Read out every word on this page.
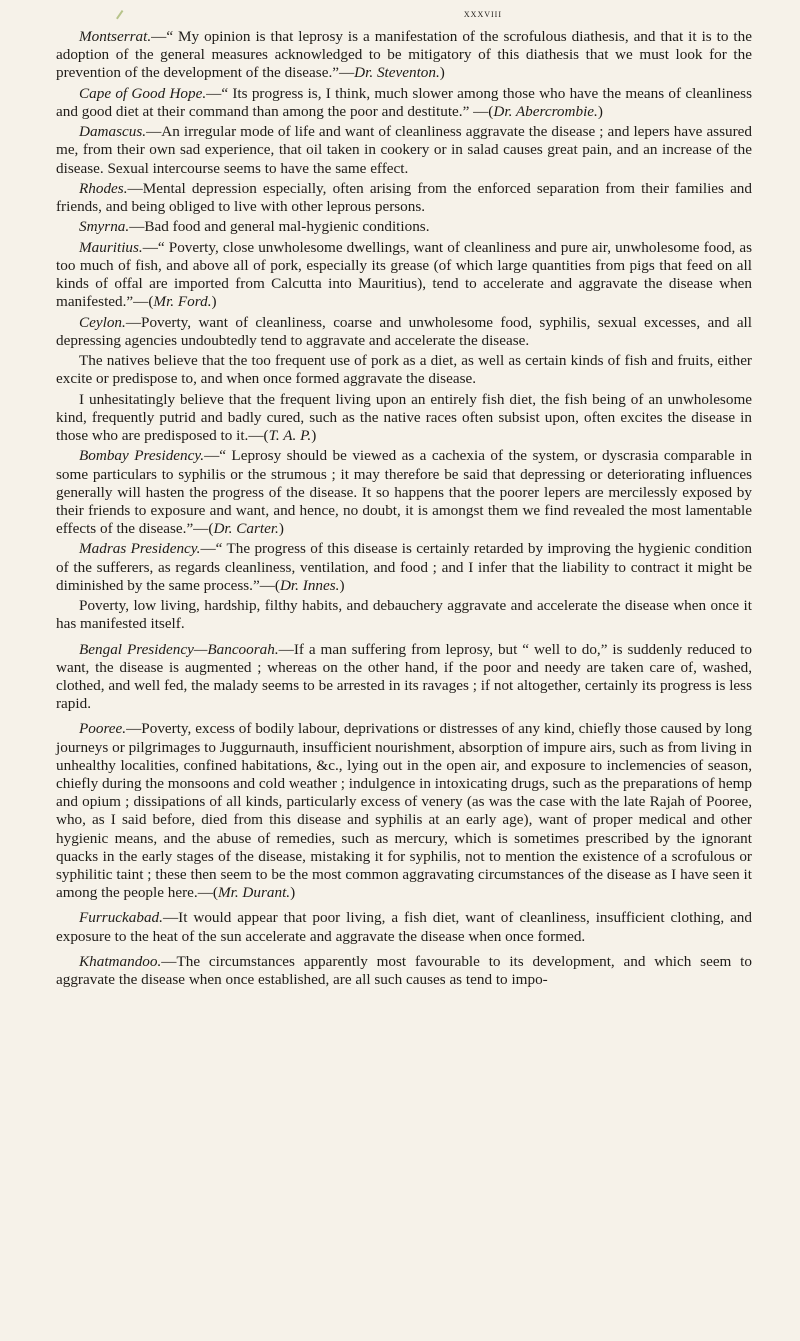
xxxviii

Montserrat.—“ My opinion is that leprosy is a manifestation of the scrofulous diathesis, and that it is to the adoption of the general measures acknowledged to be mitigatory of this diathesis that we must look for the prevention of the development of the disease.”—Dr. Steventon.)

Cape of Good Hope.—“ Its progress is, I think, much slower among those who have the means of cleanliness and good diet at their command than among the poor and destitute.” —(Dr. Abercrombie.)

Damascus.—An irregular mode of life and want of cleanliness aggravate the disease ; and lepers have assured me, from their own sad experience, that oil taken in cookery or in salad causes great pain, and an increase of the disease. Sexual intercourse seems to have the same effect.

Rhodes.—Mental depression especially, often arising from the enforced separation from their families and friends, and being obliged to live with other leprous persons.

Smyrna.—Bad food and general mal-hygienic conditions.

Mauritius.—“ Poverty, close unwholesome dwellings, want of cleanliness and pure air, unwholesome food, as too much of fish, and above all of pork, especially its grease (of which large quantities from pigs that feed on all kinds of offal are imported from Calcutta into Mauritius), tend to accelerate and aggravate the disease when manifested.”—(Mr. Ford.)

Ceylon.—Poverty, want of cleanliness, coarse and unwholesome food, syphilis, sexual excesses, and all depressing agencies undoubtedly tend to aggravate and accelerate the disease.

The natives believe that the too frequent use of pork as a diet, as well as certain kinds of fish and fruits, either excite or predispose to, and when once formed aggravate the disease.

I unhesitatingly believe that the frequent living upon an entirely fish diet, the fish being of an unwholesome kind, frequently putrid and badly cured, such as the native races often subsist upon, often excites the disease in those who are predisposed to it.—(T. A. P.)

Bombay Presidency.—“ Leprosy should be viewed as a cachexia of the system, or dyscrasia comparable in some particulars to syphilis or the strumous ; it may therefore be said that depressing or deteriorating influences generally will hasten the progress of the disease. It so happens that the poorer lepers are mercilessly exposed by their friends to exposure and want, and hence, no doubt, it is amongst them we find revealed the most lamentable effects of the disease.”—(Dr. Carter.)

Madras Presidency.—“ The progress of this disease is certainly retarded by improving the hygienic condition of the sufferers, as regards cleanliness, ventilation, and food ; and I infer that the liability to contract it might be diminished by the same process.”—(Dr. Innes.)

Poverty, low living, hardship, filthy habits, and debauchery aggravate and accelerate the disease when once it has manifested itself.

Bengal Presidency—Bancoorah.—If a man suffering from leprosy, but “ well to do,” is suddenly reduced to want, the disease is augmented ; whereas on the other hand, if the poor and needy are taken care of, washed, clothed, and well fed, the malady seems to be arrested in its ravages ; if not altogether, certainly its progress is less rapid.

Pooree.—Poverty, excess of bodily labour, deprivations or distresses of any kind, chiefly those caused by long journeys or pilgrimages to Juggurnauth, insufficient nourishment, absorption of impure airs, such as from living in unhealthy localities, confined habitations, &c., lying out in the open air, and exposure to inclemencies of season, chiefly during the monsoons and cold weather ; indulgence in intoxicating drugs, such as the preparations of hemp and opium ; dissipations of all kinds, particularly excess of venery (as was the case with the late Rajah of Pooree, who, as I said before, died from this disease and syphilis at an early age), want of proper medical and other hygienic means, and the abuse of remedies, such as mercury, which is sometimes prescribed by the ignorant quacks in the early stages of the disease, mistaking it for syphilis, not to mention the existence of a scrofulous or syphilitic taint ; these then seem to be the most common aggravating circumstances of the disease as I have seen it among the people here.—(Mr. Durant.)

Furruckabad.—It would appear that poor living, a fish diet, want of cleanliness, insufficient clothing, and exposure to the heat of the sun accelerate and aggravate the disease when once formed.

Khatmandoo.—The circumstances apparently most favourable to its development, and which seem to aggravate the disease when once established, are all such causes as tend to impo-
